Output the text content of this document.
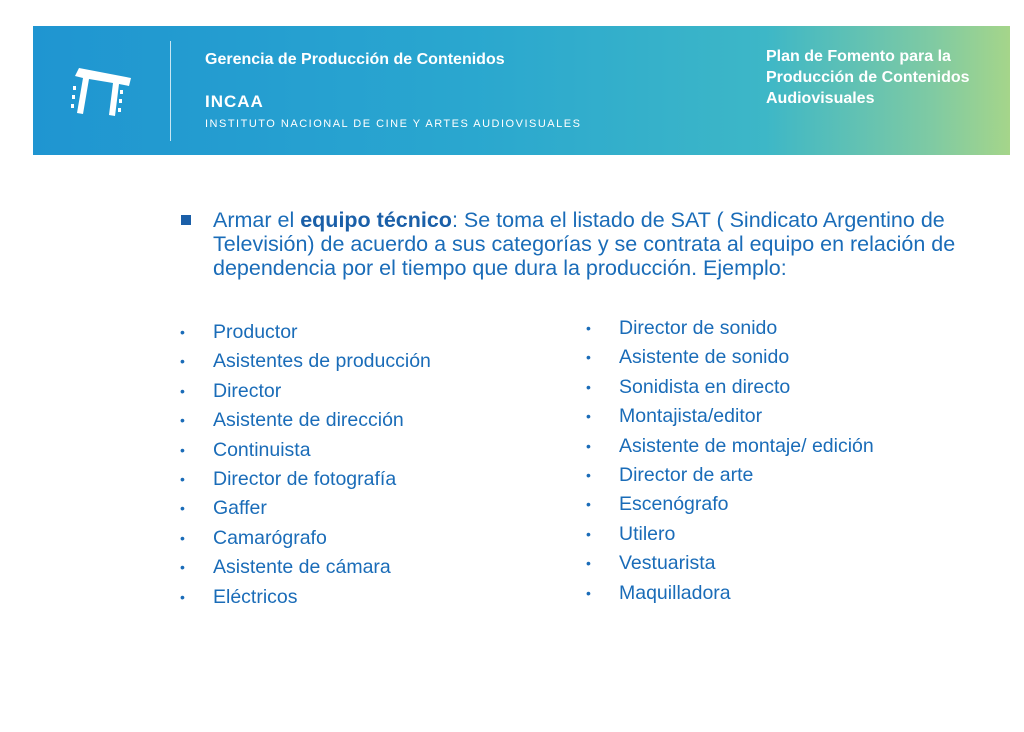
Gerencia de Producción de Contenidos
INCAA
INSTITUTO NACIONAL DE CINE Y ARTES AUDIOVISUALES
Plan de Fomento para la
Producción de Contenidos
Audiovisuales
Armar el equipo técnico: Se toma el listado de SAT ( Sindicato Argentino de Televisión) de acuerdo a sus categorías y se contrata al equipo en relación de dependencia por el tiempo que dura la producción. Ejemplo:
• Productor
• Asistentes de producción
• Director
• Asistente de dirección
• Continuista
• Director de fotografía
• Gaffer
• Camarógrafo
• Asistente de cámara
• Eléctricos
• Director de sonido
• Asistente de sonido
• Sonidista en directo
• Montajista/editor
• Asistente de montaje/ edición
• Director de arte
• Escenógrafo
• Utilero
• Vestuarista
• Maquilladora
